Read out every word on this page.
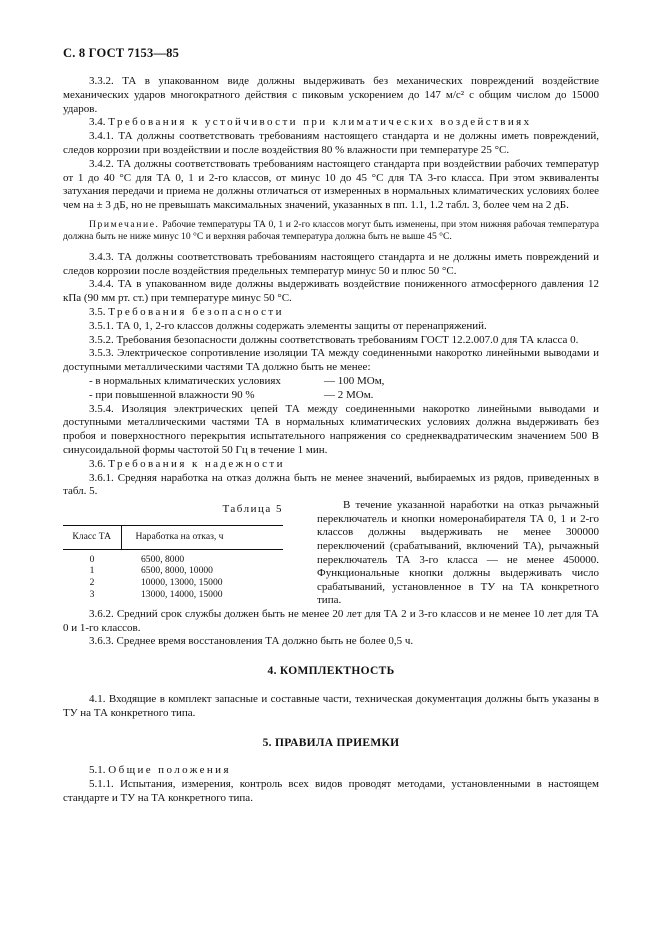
С. 8 ГОСТ 7153—85

3.3.2. ТА в упакованном виде должны выдерживать без механических повреждений воздействие механических ударов многократного действия с пиковым ускорением до 147 м/с² с общим числом до 15000 ударов.

3.4. Требования к устойчивости при климатических воздействиях

3.4.1. ТА должны соответствовать требованиям настоящего стандарта и не должны иметь повреждений, следов коррозии при воздействии и после воздействия 80 % влажности при температуре 25 °С.

3.4.2. ТА должны соответствовать требованиям настоящего стандарта при воздействии рабочих температур от 1 до 40 °С для ТА 0, 1 и 2-го классов, от минус 10 до 45 °С для ТА 3-го класса. При этом эквиваленты затухания передачи и приема не должны отличаться от измеренных в нормальных климатических условиях более чем на ± 3 дБ, но не превышать максимальных значений, указанных в пп. 1.1, 1.2 табл. 3, более чем на 2 дБ.

Примечание. Рабочие температуры ТА 0, 1 и 2-го классов могут быть изменены, при этом нижняя рабочая температура должна быть не ниже минус 10 °С и верхняя рабочая температура должна быть не выше 45 °С.

3.4.3. ТА должны соответствовать требованиям настоящего стандарта и не должны иметь повреждений и следов коррозии после воздействия предельных температур минус 50 и плюс 50 °С.

3.4.4. ТА в упакованном виде должны выдерживать воздействие пониженного атмосферного давления 12 кПа (90 мм рт. ст.) при температуре минус 50 °С.

3.5. Требования безопасности

3.5.1. ТА 0, 1, 2-го классов должны содержать элементы защиты от перенапряжений.

3.5.2. Требования безопасности должны соответствовать требованиям ГОСТ 12.2.007.0 для ТА класса 0.

3.5.3. Электрическое сопротивление изоляции ТА между соединенными накоротко линейными выводами и доступными металлическими частями ТА должно быть не менее:

- в нормальных климатических условиях	— 100 МОм,
- при повышенной влажности 90 %	— 2 МОм.

3.5.4. Изоляция электрических цепей ТА между соединенными накоротко линейными выводами и доступными металлическими частями ТА в нормальных климатических условиях должна выдерживать без пробоя и поверхностного перекрытия испытательного напряжения со среднеквадратическим значением 500 В синусоидальной формы частотой 50 Гц в течение 1 мин.

3.6. Требования к надежности

3.6.1. Средняя наработка на отказ должна быть не менее значений, выбираемых из рядов, приведенных в табл. 5.

Таблица 5
Класс ТА	Наработка на отказ, ч
0	6500, 8000
1	6500, 8000, 10000
2	10000, 13000, 15000
3	13000, 14000, 15000

В течение указанной наработки на отказ рычажный переключатель и кнопки номеронабирателя ТА 0, 1 и 2-го классов должны выдерживать не менее 300000 переключений (срабатываний, включений ТА), рычажный переключатель ТА 3-го класса — не менее 450000. Функциональные кнопки должны выдерживать число срабатываний, установленное в ТУ на ТА конкретного типа.

3.6.2. Средний срок службы должен быть не менее 20 лет для ТА 2 и 3-го классов и не менее 10 лет для ТА 0 и 1-го классов.

3.6.3. Среднее время восстановления ТА должно быть не более 0,5 ч.

4. КОМПЛЕКТНОСТЬ

4.1. Входящие в комплект запасные и составные части, техническая документация должны быть указаны в ТУ на ТА конкретного типа.

5. ПРАВИЛА ПРИЕМКИ

5.1. Общие положения

5.1.1. Испытания, измерения, контроль всех видов проводят методами, установленными в настоящем стандарте и ТУ на ТА конкретного типа.
